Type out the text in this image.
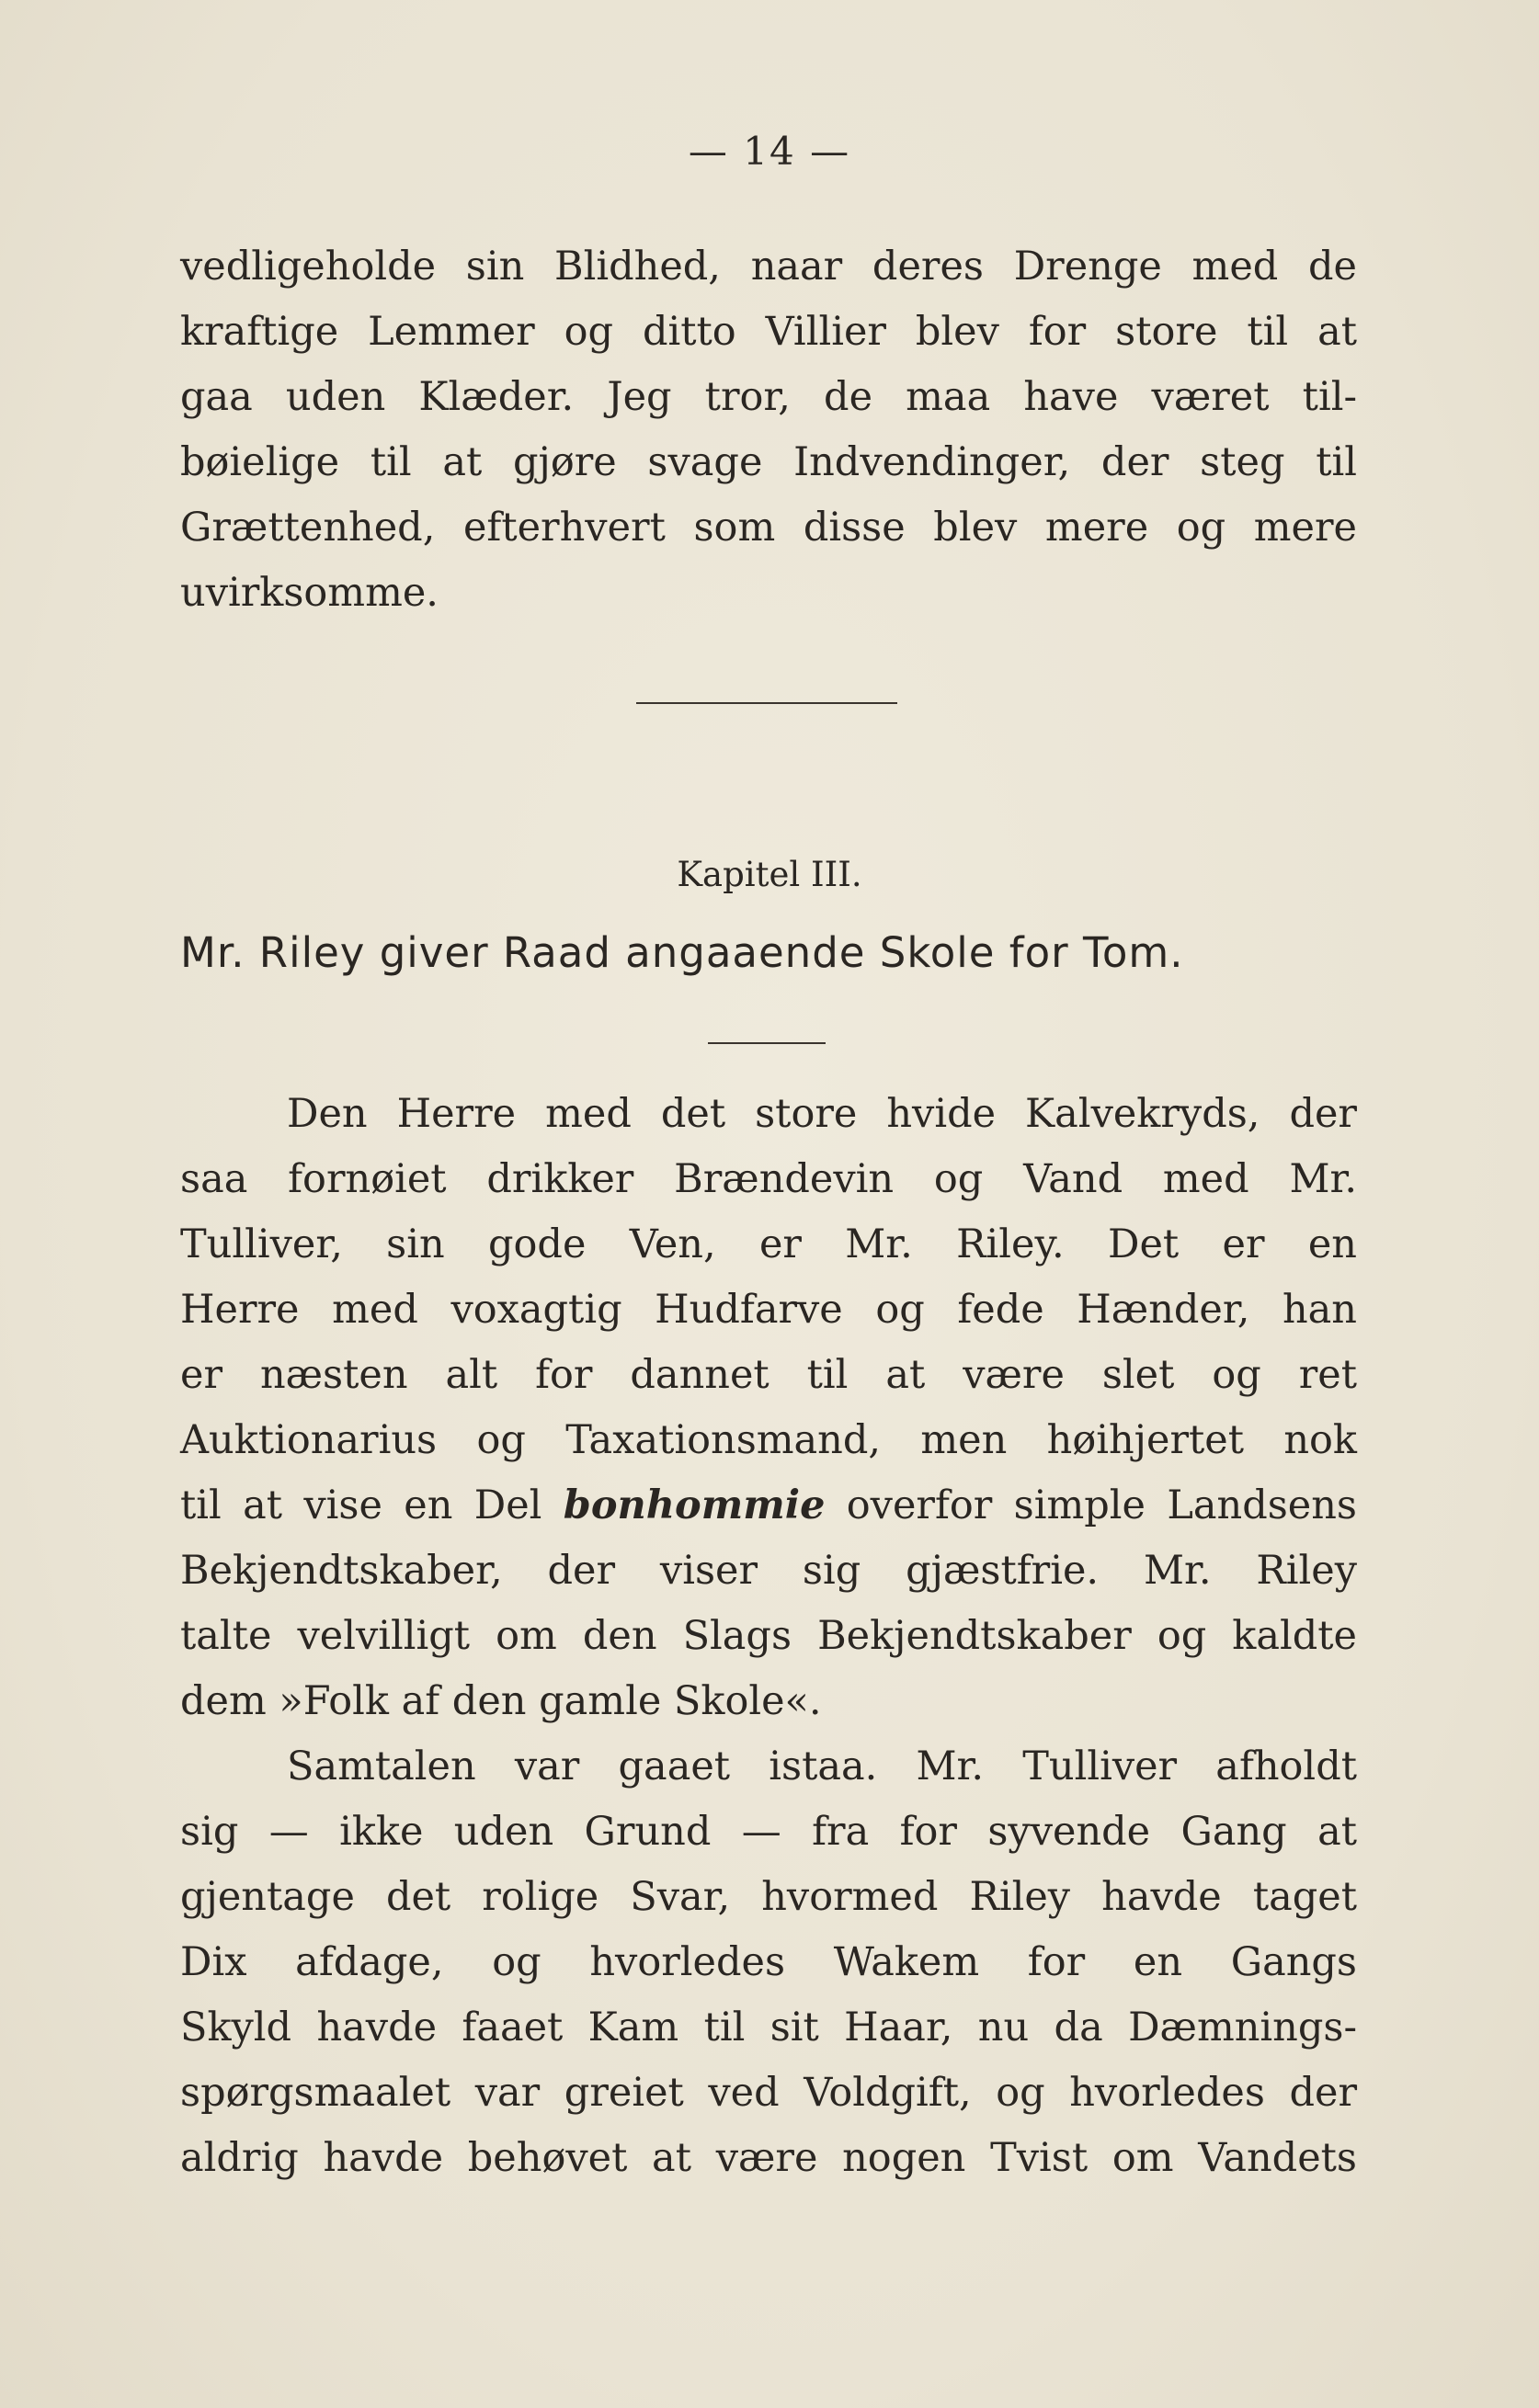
— 14 —
vedligeholde sin Blidhed, naar deres Drenge med de
kraftige Lemmer og ditto Villier blev for store til at
gaa uden Klæder. Jeg tror, de maa have været til-
bøielige til at gjøre svage Indvendinger, der steg til
Grættenhed, efterhvert som disse blev mere og mere
uvirksomme.
Kapitel III.
Mr. Riley giver Raad angaaende Skole for Tom.
Den Herre med det store hvide Kalvekryds, der
saa fornøiet drikker Brændevin og Vand med Mr.
Tulliver, sin gode Ven, er Mr. Riley. Det er en
Herre med voxagtig Hudfarve og fede Hænder, han
er næsten alt for dannet til at være slet og ret
Auktionarius og Taxationsmand, men høihjertet nok
til at vise en Del bonhommie overfor simple Landsens
Bekjendtskaber, der viser sig gjæstfrie. Mr. Riley
talte velvilligt om den Slags Bekjendtskaber og kaldte
dem »Folk af den gamle Skole«.
Samtalen var gaaet istaa. Mr. Tulliver afholdt
sig — ikke uden Grund — fra for syvende Gang at
gjentage det rolige Svar, hvormed Riley havde taget
Dix afdage, og hvorledes Wakem for en Gangs
Skyld havde faaet Kam til sit Haar, nu da Dæmnings-
spørgsmaalet var greiet ved Voldgift, og hvorledes der
aldrig havde behøvet at være nogen Tvist om Vandets
